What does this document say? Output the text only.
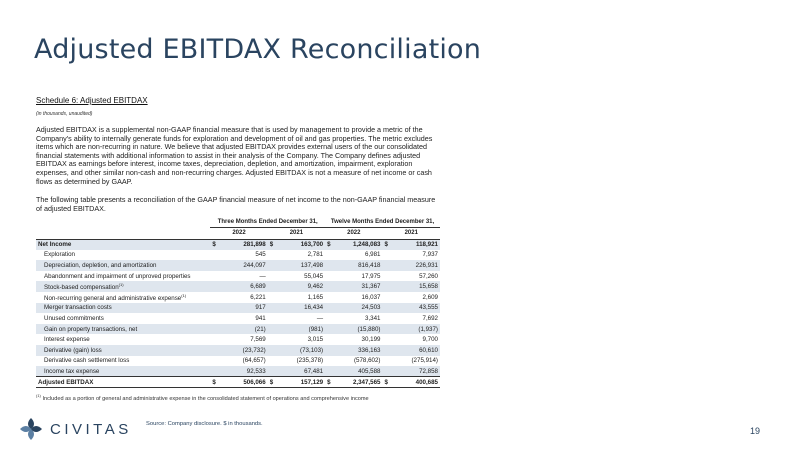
Adjusted EBITDAX Reconciliation
Schedule 6: Adjusted EBITDAX
(in thousands, unaudited)
Adjusted EBITDAX is a supplemental non-GAAP financial measure that is used by management to provide a metric of the Company's ability to internally generate funds for exploration and development of oil and gas properties. The metric excludes items which are non-recurring in nature. We believe that adjusted EBITDAX provides external users of the our consolidated financial statements with additional information to assist in their analysis of the Company. The Company defines adjusted EBITDAX as earnings before interest, income taxes, depreciation, depletion, and amortization, impairment, exploration expenses, and other similar non-cash and non-recurring charges. Adjusted EBITDAX is not a measure of net income or cash flows as determined by GAAP.
The following table presents a reconciliation of the GAAP financial measure of net income to the non-GAAP financial measure of adjusted EBITDAX.
	Three Months Ended December 31,				Twelve Months Ended December 31,			
	2022		2021		2022		2021	
Net Income	$	281,898	$	163,700	$	1,248,083	$	118,921
Exploration		545		2,781		6,981		7,937
Depreciation, depletion, and amortization		244,097		137,498		816,418		226,931
Abandonment and impairment of unproved properties		—		55,045		17,975		57,260
Stock-based compensation$^{(1)}$		6,689		9,462		31,367		15,658
Non-recurring general and administrative expense$^{(1)}$		6,221		1,165		16,037		2,609
Merger transaction costs		917		16,434		24,503		43,555
Unused commitments		941		—		3,341		7,692
Gain on property transactions, net		(21)		(981)		(15,880)		(1,937)
Interest expense		7,569		3,015		30,199		9,700
Derivative (gain) loss		(23,732)		(73,103)		336,163		60,610
Derivative cash settlement loss		(64,657)		(235,378)		(578,602)		(275,914)
Income tax expense		92,533		67,481		405,588		72,858
Adjusted EBITDAX	$	506,066	$	157,129	$	2,347,565	$	400,685
$^{(1)}$ Included as a portion of general and administrative expense in the consolidated statement of operations and comprehensive income
CIVITAS Source: Company disclosure. $ in thousands.
19
